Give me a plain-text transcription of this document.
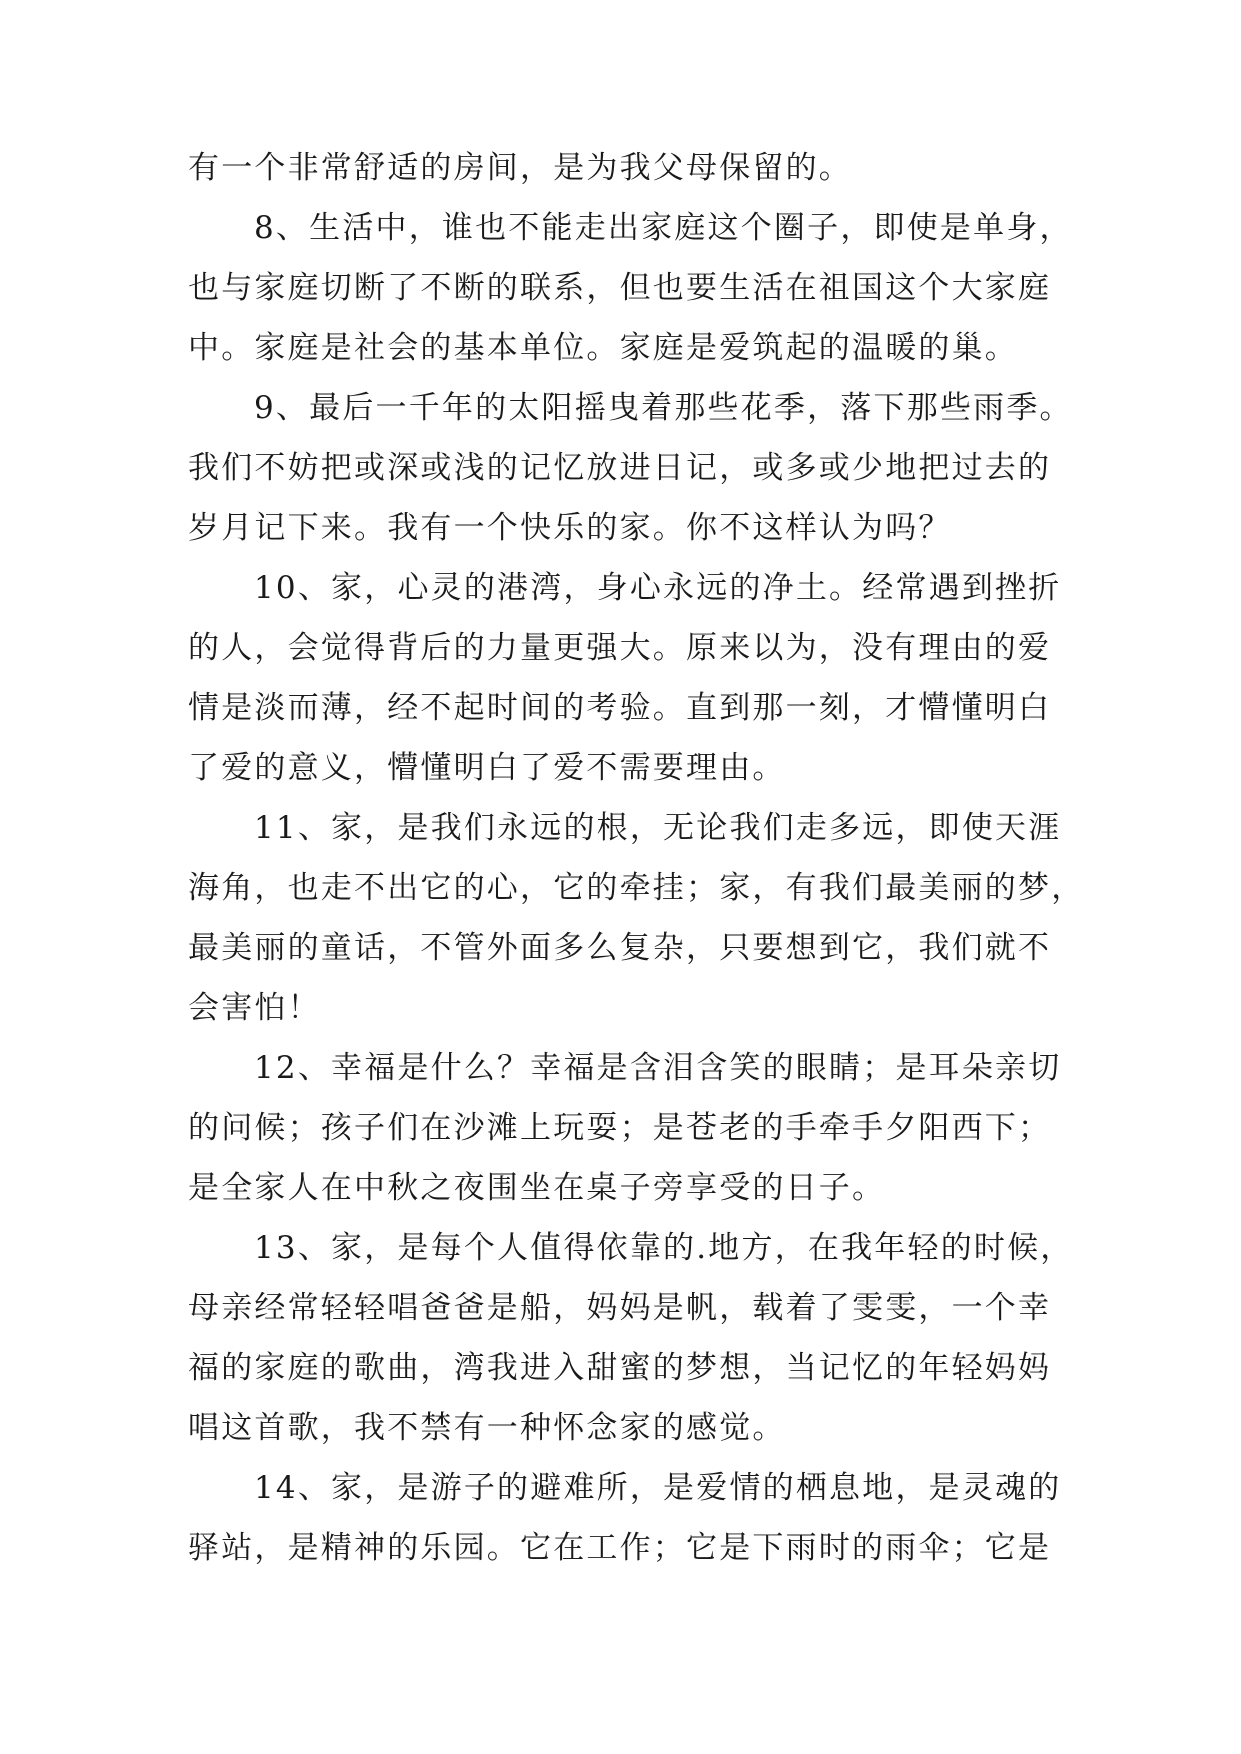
有一个非常舒适的房间，是为我父母保留的。
8、生活中，谁也不能走出家庭这个圈子，即使是单身，
也与家庭切断了不断的联系，但也要生活在祖国这个大家庭
中。家庭是社会的基本单位。家庭是爱筑起的温暖的巢。
9、最后一千年的太阳摇曳着那些花季，落下那些雨季。
我们不妨把或深或浅的记忆放进日记，或多或少地把过去的
岁月记下来。我有一个快乐的家。你不这样认为吗？
10、家，心灵的港湾，身心永远的净土。经常遇到挫折
的人，会觉得背后的力量更强大。原来以为，没有理由的爱
情是淡而薄，经不起时间的考验。直到那一刻，才懵懂明白
了爱的意义，懵懂明白了爱不需要理由。
11、家，是我们永远的根，无论我们走多远，即使天涯
海角，也走不出它的心，它的牵挂；家，有我们最美丽的梦，
最美丽的童话，不管外面多么复杂，只要想到它，我们就不
会害怕！
12、幸福是什么？幸福是含泪含笑的眼睛；是耳朵亲切
的问候；孩子们在沙滩上玩耍；是苍老的手牵手夕阳西下；
是全家人在中秋之夜围坐在桌子旁享受的日子。
13、家，是每个人值得依靠的.地方，在我年轻的时候，
母亲经常轻轻唱爸爸是船，妈妈是帆，载着了雯雯，一个幸
福的家庭的歌曲，湾我进入甜蜜的梦想，当记忆的年轻妈妈
唱这首歌，我不禁有一种怀念家的感觉。
14、家，是游子的避难所，是爱情的栖息地，是灵魂的
驿站，是精神的乐园。它在工作；它是下雨时的雨伞；它是
